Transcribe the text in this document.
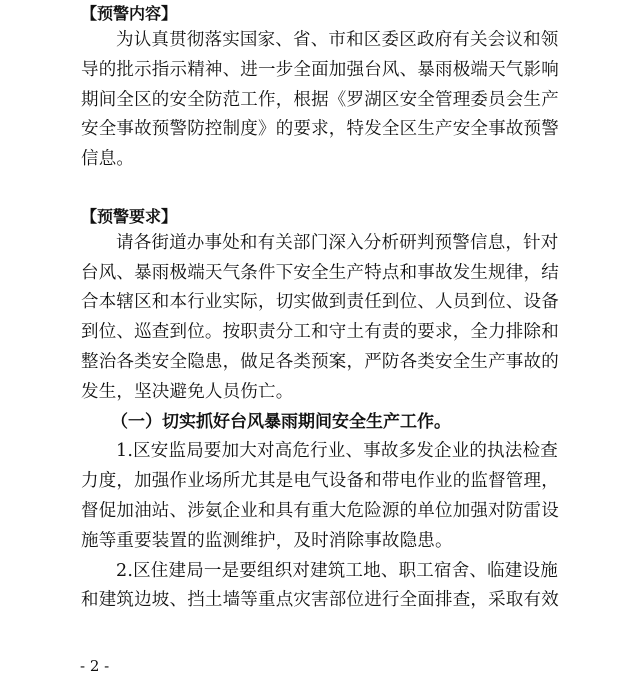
【预警内容】
为认真贯彻落实国家、省、市和区委区政府有关会议和领
导的批示指示精神、进一步全面加强台风、暴雨极端天气影响
期间全区的安全防范工作，根据《罗湖区安全管理委员会生产
安全事故预警防控制度》的要求，特发全区生产安全事故预警
信息。
【预警要求】
请各街道办事处和有关部门深入分析研判预警信息，针对
台风、暴雨极端天气条件下安全生产特点和事故发生规律，结
合本辖区和本行业实际，切实做到责任到位、人员到位、设备
到位、巡查到位。按职责分工和守土有责的要求，全力排除和
整治各类安全隐患，做足各类预案，严防各类安全生产事故的
发生，坚决避免人员伤亡。
（一）切实抓好台风暴雨期间安全生产工作。
1.区安监局要加大对高危行业、事故多发企业的执法检查
力度，加强作业场所尤其是电气设备和带电作业的监督管理，
督促加油站、涉氨企业和具有重大危险源的单位加强对防雷设
施等重要装置的监测维护，及时消除事故隐患。
2.区住建局一是要组织对建筑工地、职工宿舍、临建设施
和建筑边坡、挡土墙等重点灾害部位进行全面排查，采取有效
- 2 -
